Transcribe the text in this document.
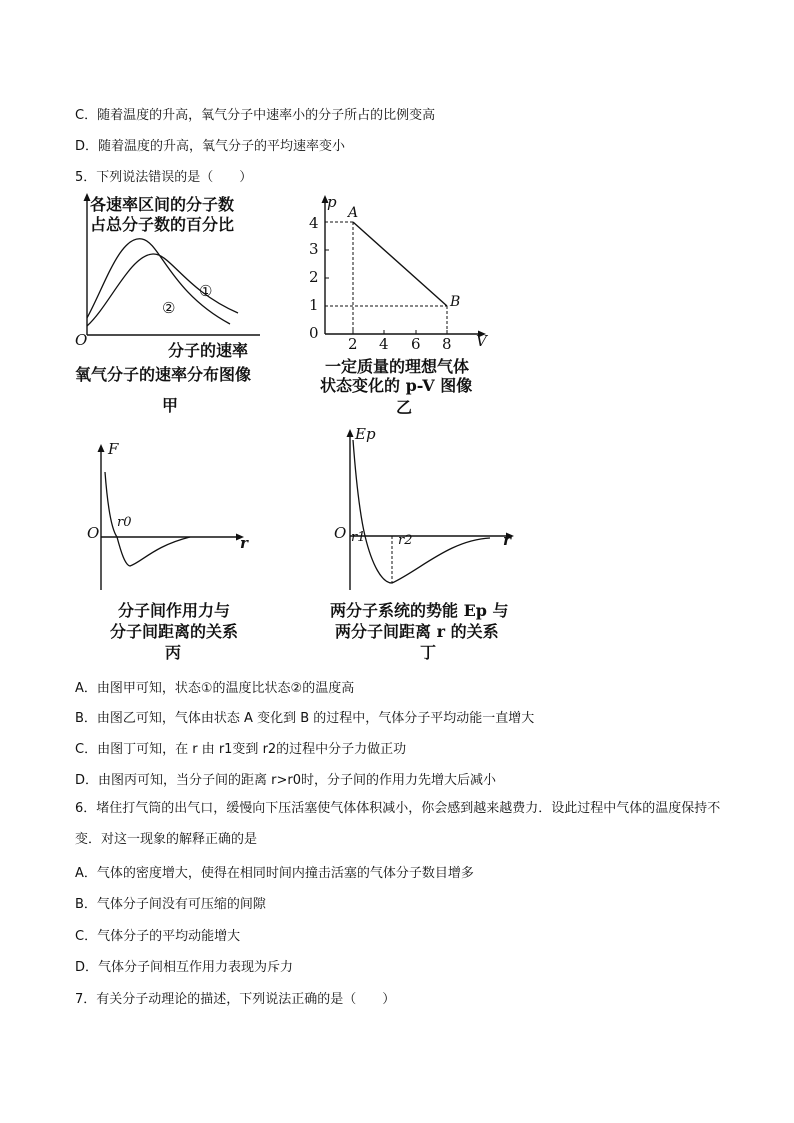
C．随着温度的升高，氧气分子中速率小的分子所占的比例变高
D．随着温度的升高，氧气分子的平均速率变小
5．下列说法错误的是（　　）
各速率区间的分子数
占总分子数的百分比
①
②
O
分子的速率
氧气分子的速率分布图像
甲
p
A
B
4
3
2
1
0
2 4 6 8 V
一定质量的理想气体
状态变化的 p-V 图像
乙
F
O
r0
r
分子间作用力与
分子间距离的关系
丙
Ep
O r1	r2	r
两分子系统的势能 Ep 与
两分子间距离 r 的关系
丁
A．由图甲可知，状态①的温度比状态②的温度高
B．由图乙可知，气体由状态 A 变化到 B 的过程中，气体分子平均动能一直增大
C．由图丁可知，在 r 由 r1变到 r2的过程中分子力做正功
D．由图丙可知，当分子间的距离 r>r0时，分子间的作用力先增大后减小
6．堵住打气筒的出气口，缓慢向下压活塞使气体体积减小，你会感到越来越费力．设此过程中气体的温度保持不变．对这一现象的解释正确的是
A．气体的密度增大，使得在相同时间内撞击活塞的气体分子数目增多
B．气体分子间没有可压缩的间隙
C．气体分子的平均动能增大
D．气体分子间相互作用力表现为斥力
7．有关分子动理论的描述，下列说法正确的是（　　）
